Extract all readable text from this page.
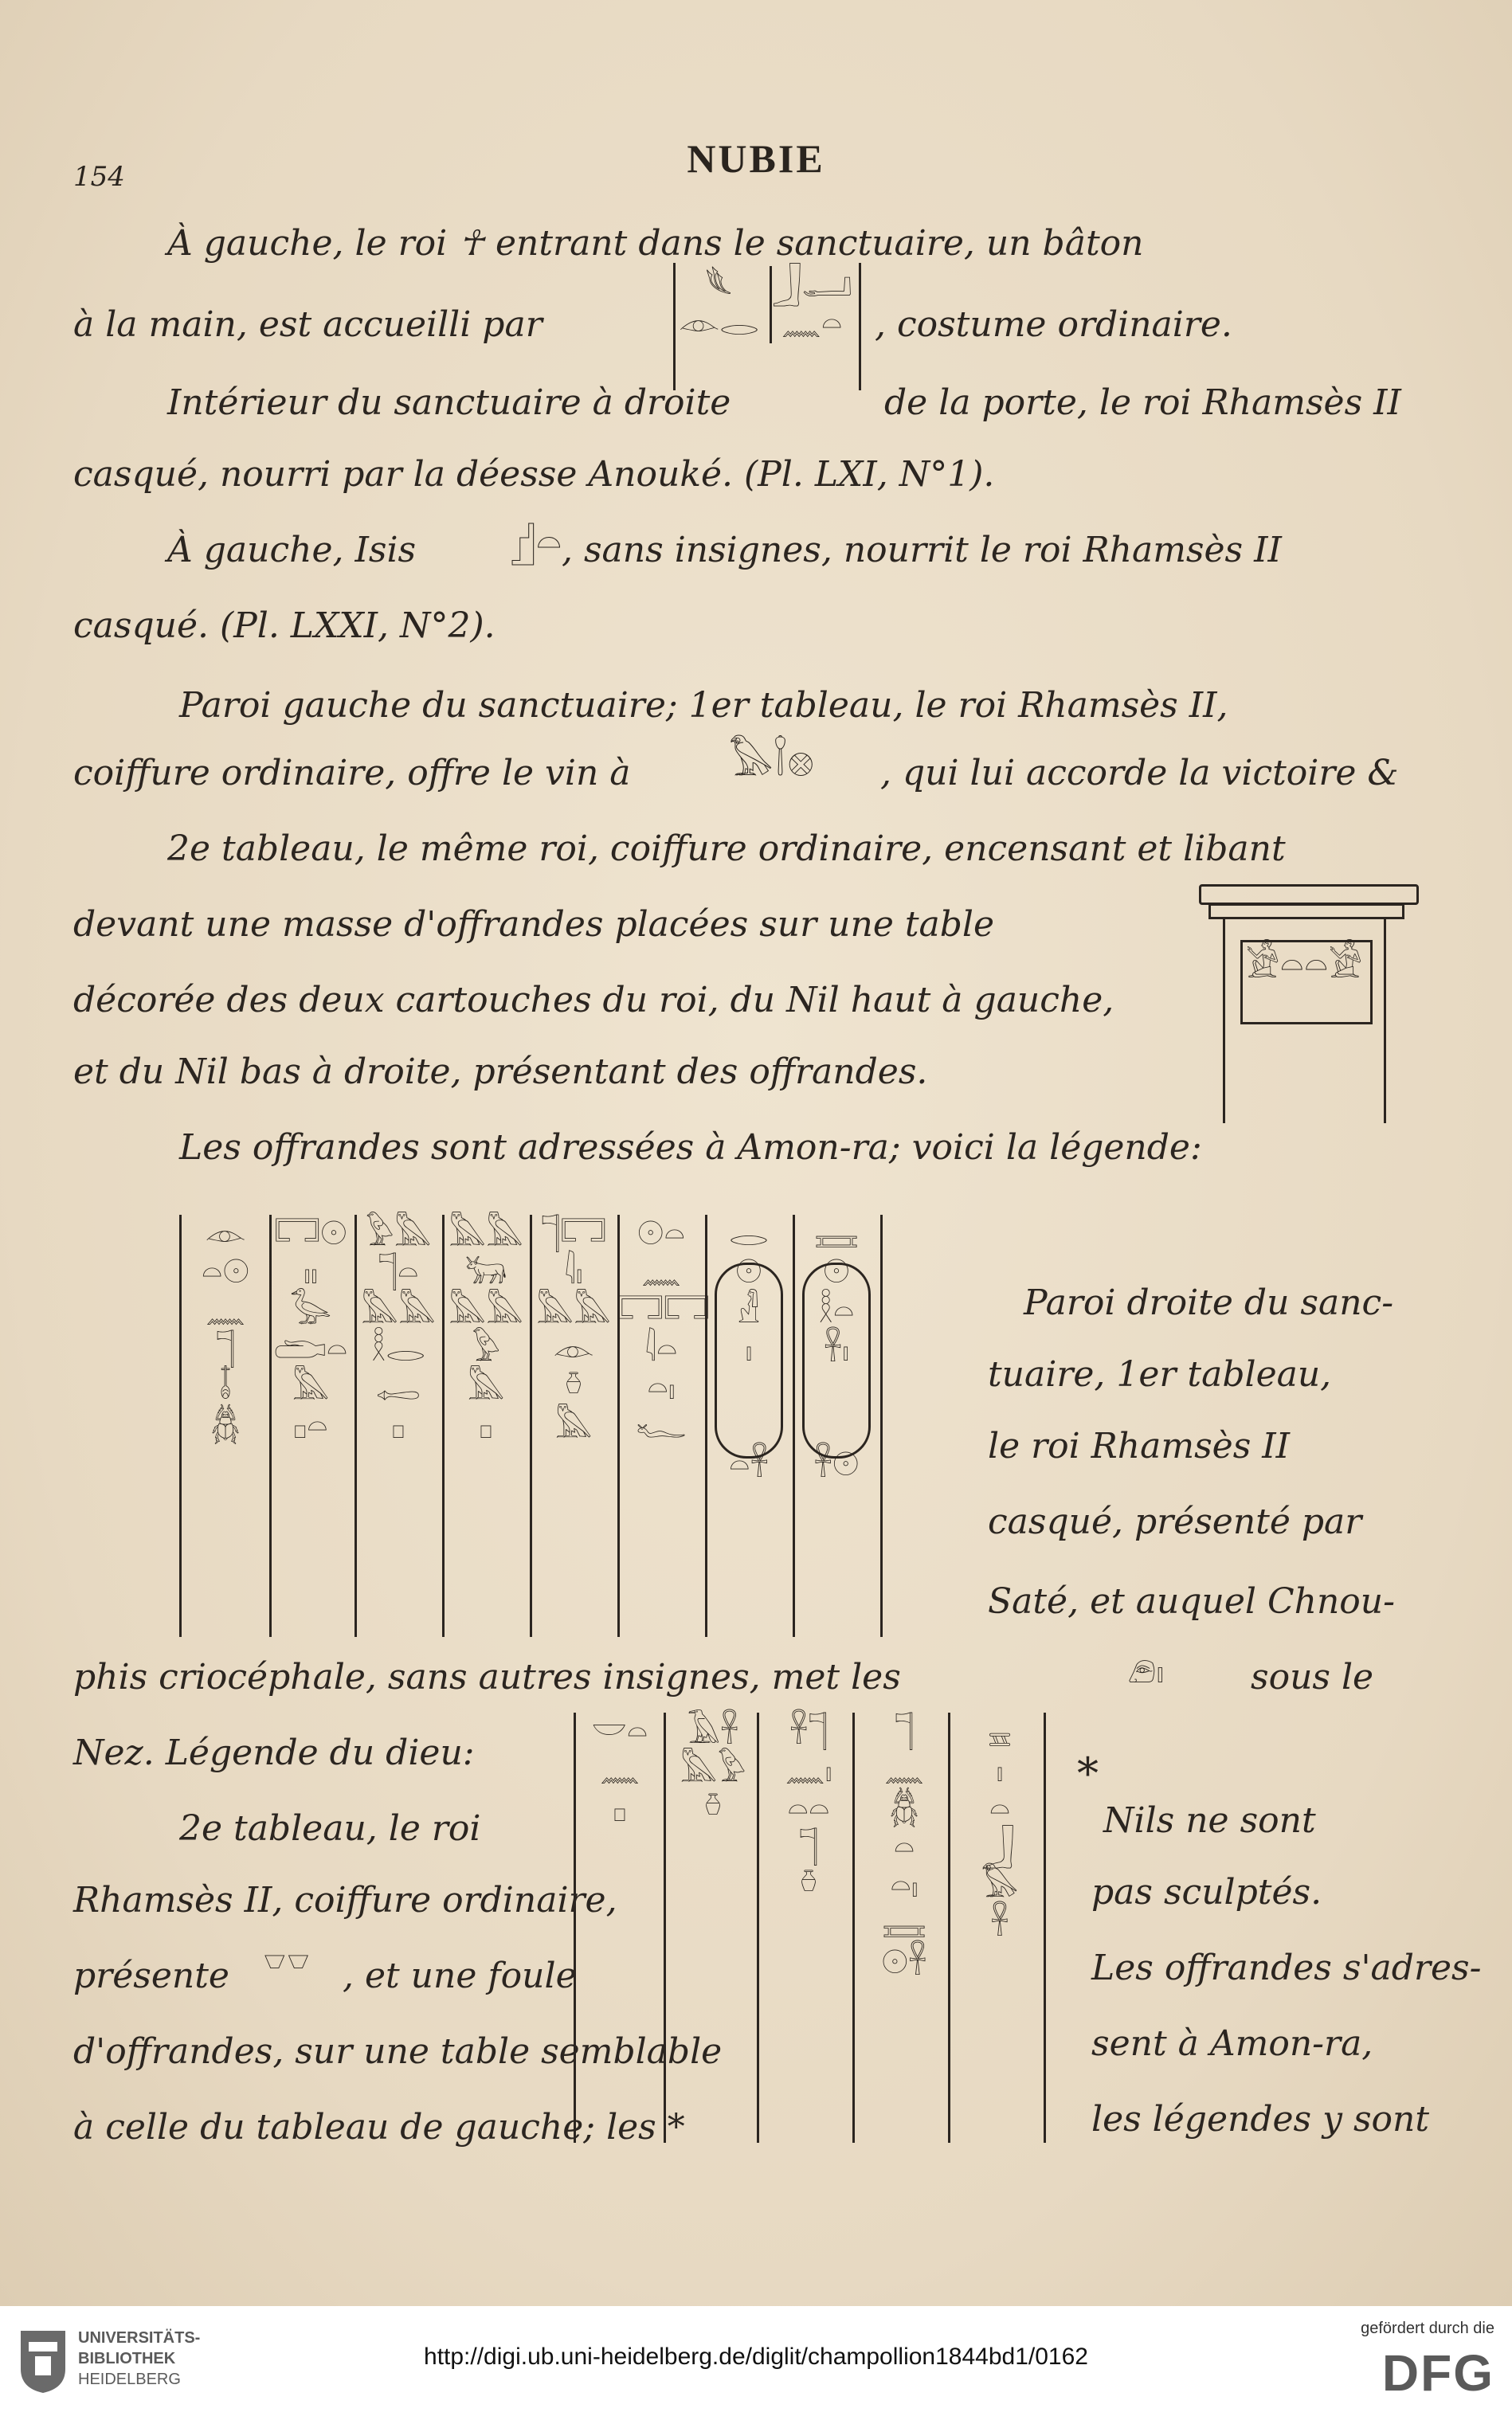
154	NUBIE
À gauche, le roi ☥ entrant dans le sanctuaire, un bâton
à la main, est accueilli par
𓆰
𓁹𓂋
𓃀𓂝
𓈖𓏏 , costume ordinaire.
Intérieur du sanctuaire à droite	de la porte, le roi Rhamsès II
casqué, nourri par la déesse Anouké. (Pl. LXI, N°1).
À gauche, Isis 𓊨𓏏 , sans insignes, nourrit le roi Rhamsès II
casqué. (Pl. LXXI, N°2).
Paroi gauche du sanctuaire; 1er tableau, le roi Rhamsès II,
coiffure ordinaire, offre le vin à 𓅃𓌉𓊖 , qui lui accorde la victoire &
2e tableau, le même roi, coiffure ordinaire, encensant et libant
𓀀𓏏𓏏𓀀
devant une masse d'offrandes placées sur une table
décorée des deux cartouches du roi, du Nil haut à gauche,
et du Nil bas à droite, présentant des offrandes.
Les offrandes sont adressées à Amon-ra; voici la légende:
𓁹
𓏏𓇳
𓈖
𓊹
𓄤
𓆣
𓉐𓇳
𓏤𓏤
𓅭
𓂧𓏏
𓅓
𓊪𓏏
𓅱𓅓
𓊹𓏏
𓅓𓅓
𓎛𓂋
𓉻
𓊪
𓅓𓅓
𓃒
𓅓𓅓
𓅱
𓅓
𓊪
𓊹𓉐
𓇋𓏤
𓅓𓅓
𓁹
𓏊
𓅓
𓇳𓏏
𓈖
𓉐𓉐
𓇋𓏏
𓏏𓏤
𓆑
𓂋
𓇳
𓁐
𓏤

𓏏𓋹
𓈘
𓇳
𓎛𓏏
𓋹𓏤

𓋹𓇳
Paroi droite du sanc-
tuaire, 1er tableau,
le roi Rhamsès II
casqué, présenté par
Saté, et auquel Chnou-
phis criocéphale, sans autres insignes, met les	𓂉𓏤 sous le
Nez. Légende du dieu:
𓎟𓏏
𓈖
𓊪
𓄿𓋹
𓅓𓅱
𓏊
𓋹𓊹
𓈖𓏤
𓏏𓏏
𓊹
𓏊
𓊹
𓈖
𓆣
𓏏
𓏏𓏤
𓈘
𓇳𓋹
𓈇
𓏤
𓏏
𓃀
𓅃
𓋹
2e tableau, le roi
Rhamsès II, coiffure ordinaire,
présente 𓎺𓎺 , et une foule
d'offrandes, sur une table semblable
à celle du tableau de gauche; les *
*
Nils ne sont
pas sculptés.
Les offrandes s'adres-
sent à Amon-ra,
les légendes y sont
UNIVERSITÄTS-
BIBLIOTHEK
HEIDELBERG
http://digi.ub.uni-heidelberg.de/diglit/champollion1844bd1/0162
gefördert durch die
DFG
